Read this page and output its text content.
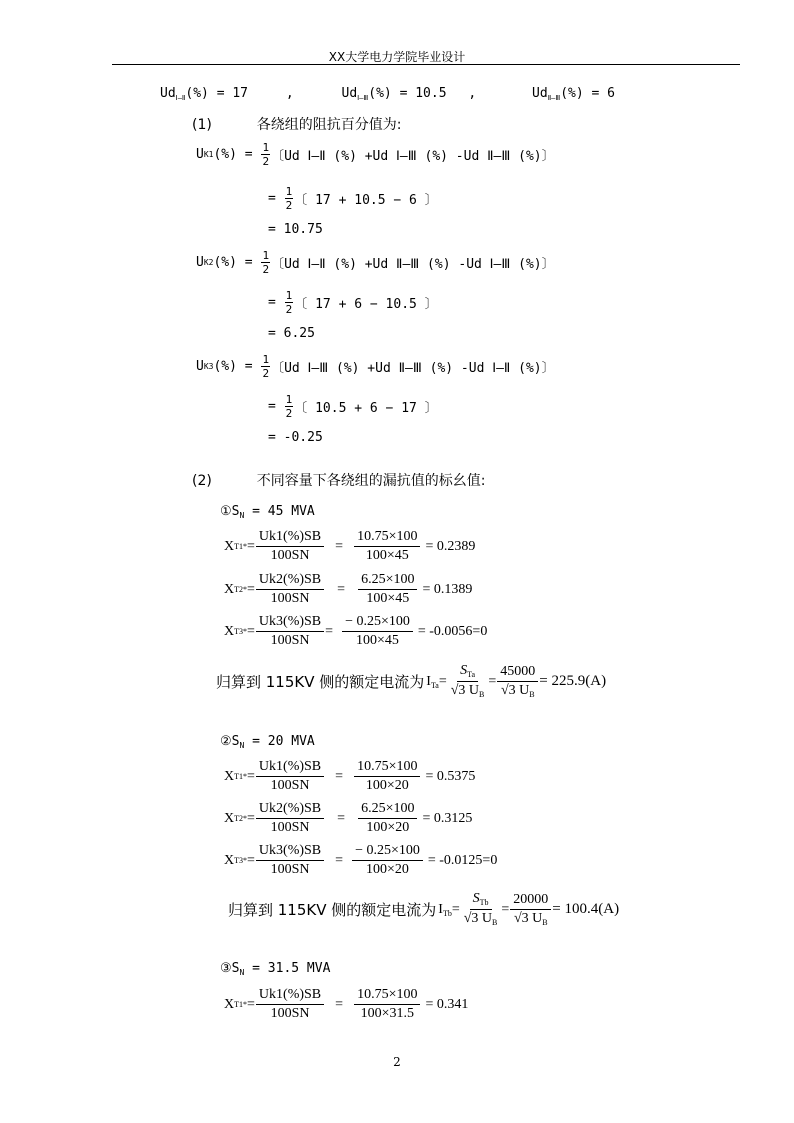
XX大学电力学院毕业设计
$Ud_{Ⅰ—Ⅱ}(\%) = 17$	,	$Ud_{Ⅰ—Ⅲ}(\%) = 10.5$ ,	$Ud_{Ⅱ—Ⅲ}(\%) = 6$
(1)	各绕组的阻抗百分值为:
U K1 (%) =
$\frac{1}{2}$ 〔Ud Ⅰ—Ⅱ (%) +Ud Ⅰ—Ⅲ (%) -Ud Ⅱ—Ⅲ (%)〕
=
$\frac{1}{2}$ 〔 17 + 10.5 − 6 〕
= 10.75
U K2 (%) =
$\frac{1}{2}$ 〔Ud Ⅰ—Ⅱ (%) +Ud Ⅱ—Ⅲ (%) -Ud Ⅰ—Ⅲ (%)〕
=
$\frac{1}{2}$ 〔 17 + 6 − 10.5 〕
= 6.25
U K3 (%) =
$\frac{1}{2}$ 〔Ud Ⅰ—Ⅲ (%) +Ud Ⅱ—Ⅲ (%) -Ud Ⅰ—Ⅱ (%)〕
=
$\frac{1}{2}$ 〔 10.5 + 6 − 17 〕
= -0.25
(2)	不同容量下各绕组的漏抗值的标幺值:
$①S_N = 45$ MVA
X $T1* = \frac{Uk1(\%)SB}{100SN} = \frac{10.75\times 100}{100\times 45} = 0.2389$
X $T2* = \frac{Uk2(\%)SB}{100SN} = \frac{6.25\times 100}{100\times 45} = 0.1389$
X $T3* = \frac{Uk3(\%)SB}{100SN} = \frac{- 0.25\times 100}{100\times 45} = -0.0056=0$
归算到 115KV 侧的额定电流为 $I_{Ta}= \frac{S_{Ta}}{√3 U_B} = \frac{45000}{√3 U_B} = 225.9(A)$
$②S_N = 20$ MVA
X $T1* = \frac{Uk1(\%)SB}{100SN} = \frac{10.75\times 100}{100\times 20} = 0.5375$
X $T2* = \frac{Uk2(\%)SB}{100SN} = \frac{6.25\times 100}{100\times 20} = 0.3125$
X $T3* = \frac{Uk3(\%)SB}{100SN} = \frac{- 0.25\times 100}{100\times 20} = -0.0125=0$
归算到 115KV 侧的额定电流为 $I_{Tb}= \frac{S_{Tb}}{√3 U_B} = \frac{20000}{√3 U_B} = 100.4(A)$
$③S_N = 31.5$ MVA
X $T1* = \frac{Uk1(\%)SB}{100SN} = \frac{10.75\times 100}{100\times 31.5} = 0.341$
2
